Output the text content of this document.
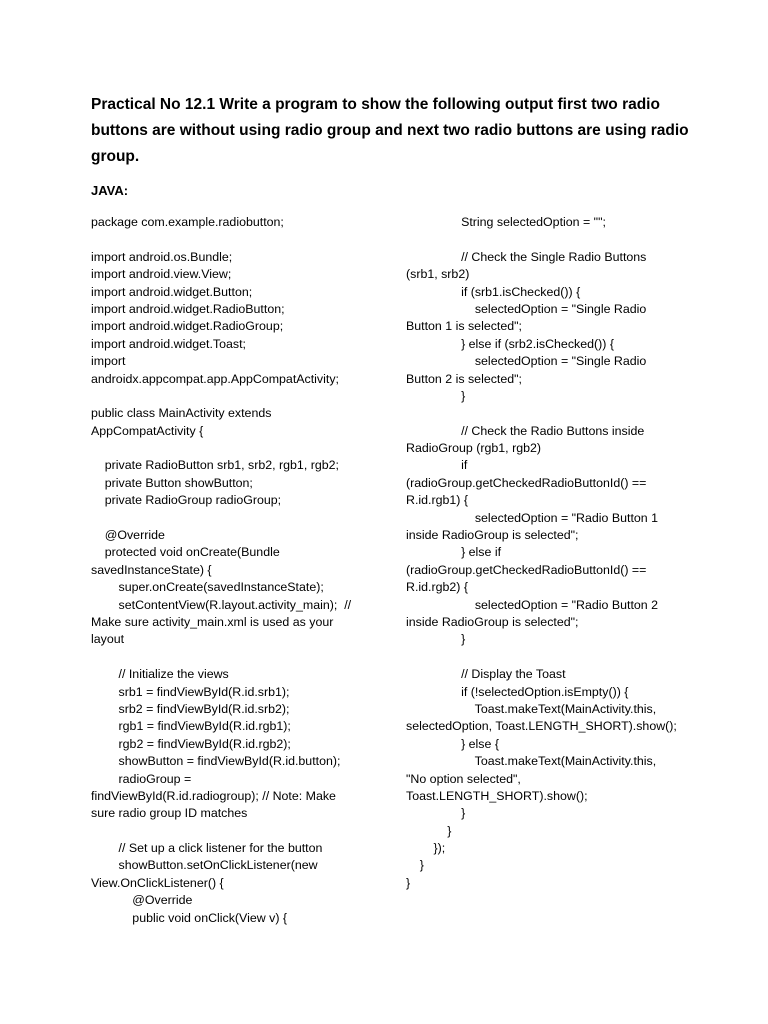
Practical No 12.1 Write a program to show the following output first two radio buttons are without using radio group and next two radio buttons are using radio group.
JAVA:
package com.example.radiobutton;
import android.os.Bundle;
import android.view.View;
import android.widget.Button;
import android.widget.RadioButton;
import android.widget.RadioGroup;
import android.widget.Toast;
import
androidx.appcompat.app.AppCompatActivity;
public class MainActivity extends
AppCompatActivity {
private RadioButton srb1, srb2, rgb1, rgb2;
private Button showButton;
private RadioGroup radioGroup;
@Override
protected void onCreate(Bundle
savedInstanceState) {
super.onCreate(savedInstanceState);
setContentView(R.layout.activity_main);  //
Make sure activity_main.xml is used as your
layout
// Initialize the views
srb1 = findViewById(R.id.srb1);
srb2 = findViewById(R.id.srb2);
rgb1 = findViewById(R.id.rgb1);
rgb2 = findViewById(R.id.rgb2);
showButton = findViewById(R.id.button);
radioGroup =
findViewById(R.id.radiogroup); // Note: Make
sure radio group ID matches
// Set up a click listener for the button
showButton.setOnClickListener(new
View.OnClickListener() {
@Override
public void onClick(View v) {
String selectedOption = "";
// Check the Single Radio Buttons
(srb1, srb2)
if (srb1.isChecked()) {
selectedOption = "Single Radio
Button 1 is selected";
} else if (srb2.isChecked()) {
selectedOption = "Single Radio
Button 2 is selected";
}
// Check the Radio Buttons inside
RadioGroup (rgb1, rgb2)
if
(radioGroup.getCheckedRadioButtonId() ==
R.id.rgb1) {
selectedOption = "Radio Button 1
inside RadioGroup is selected";
} else if
(radioGroup.getCheckedRadioButtonId() ==
R.id.rgb2) {
selectedOption = "Radio Button 2
inside RadioGroup is selected";
}
// Display the Toast
if (!selectedOption.isEmpty()) {
Toast.makeText(MainActivity.this,
selectedOption, Toast.LENGTH_SHORT).show();
} else {
Toast.makeText(MainActivity.this,
"No option selected",
Toast.LENGTH_SHORT).show();
}
}
});
}
}
